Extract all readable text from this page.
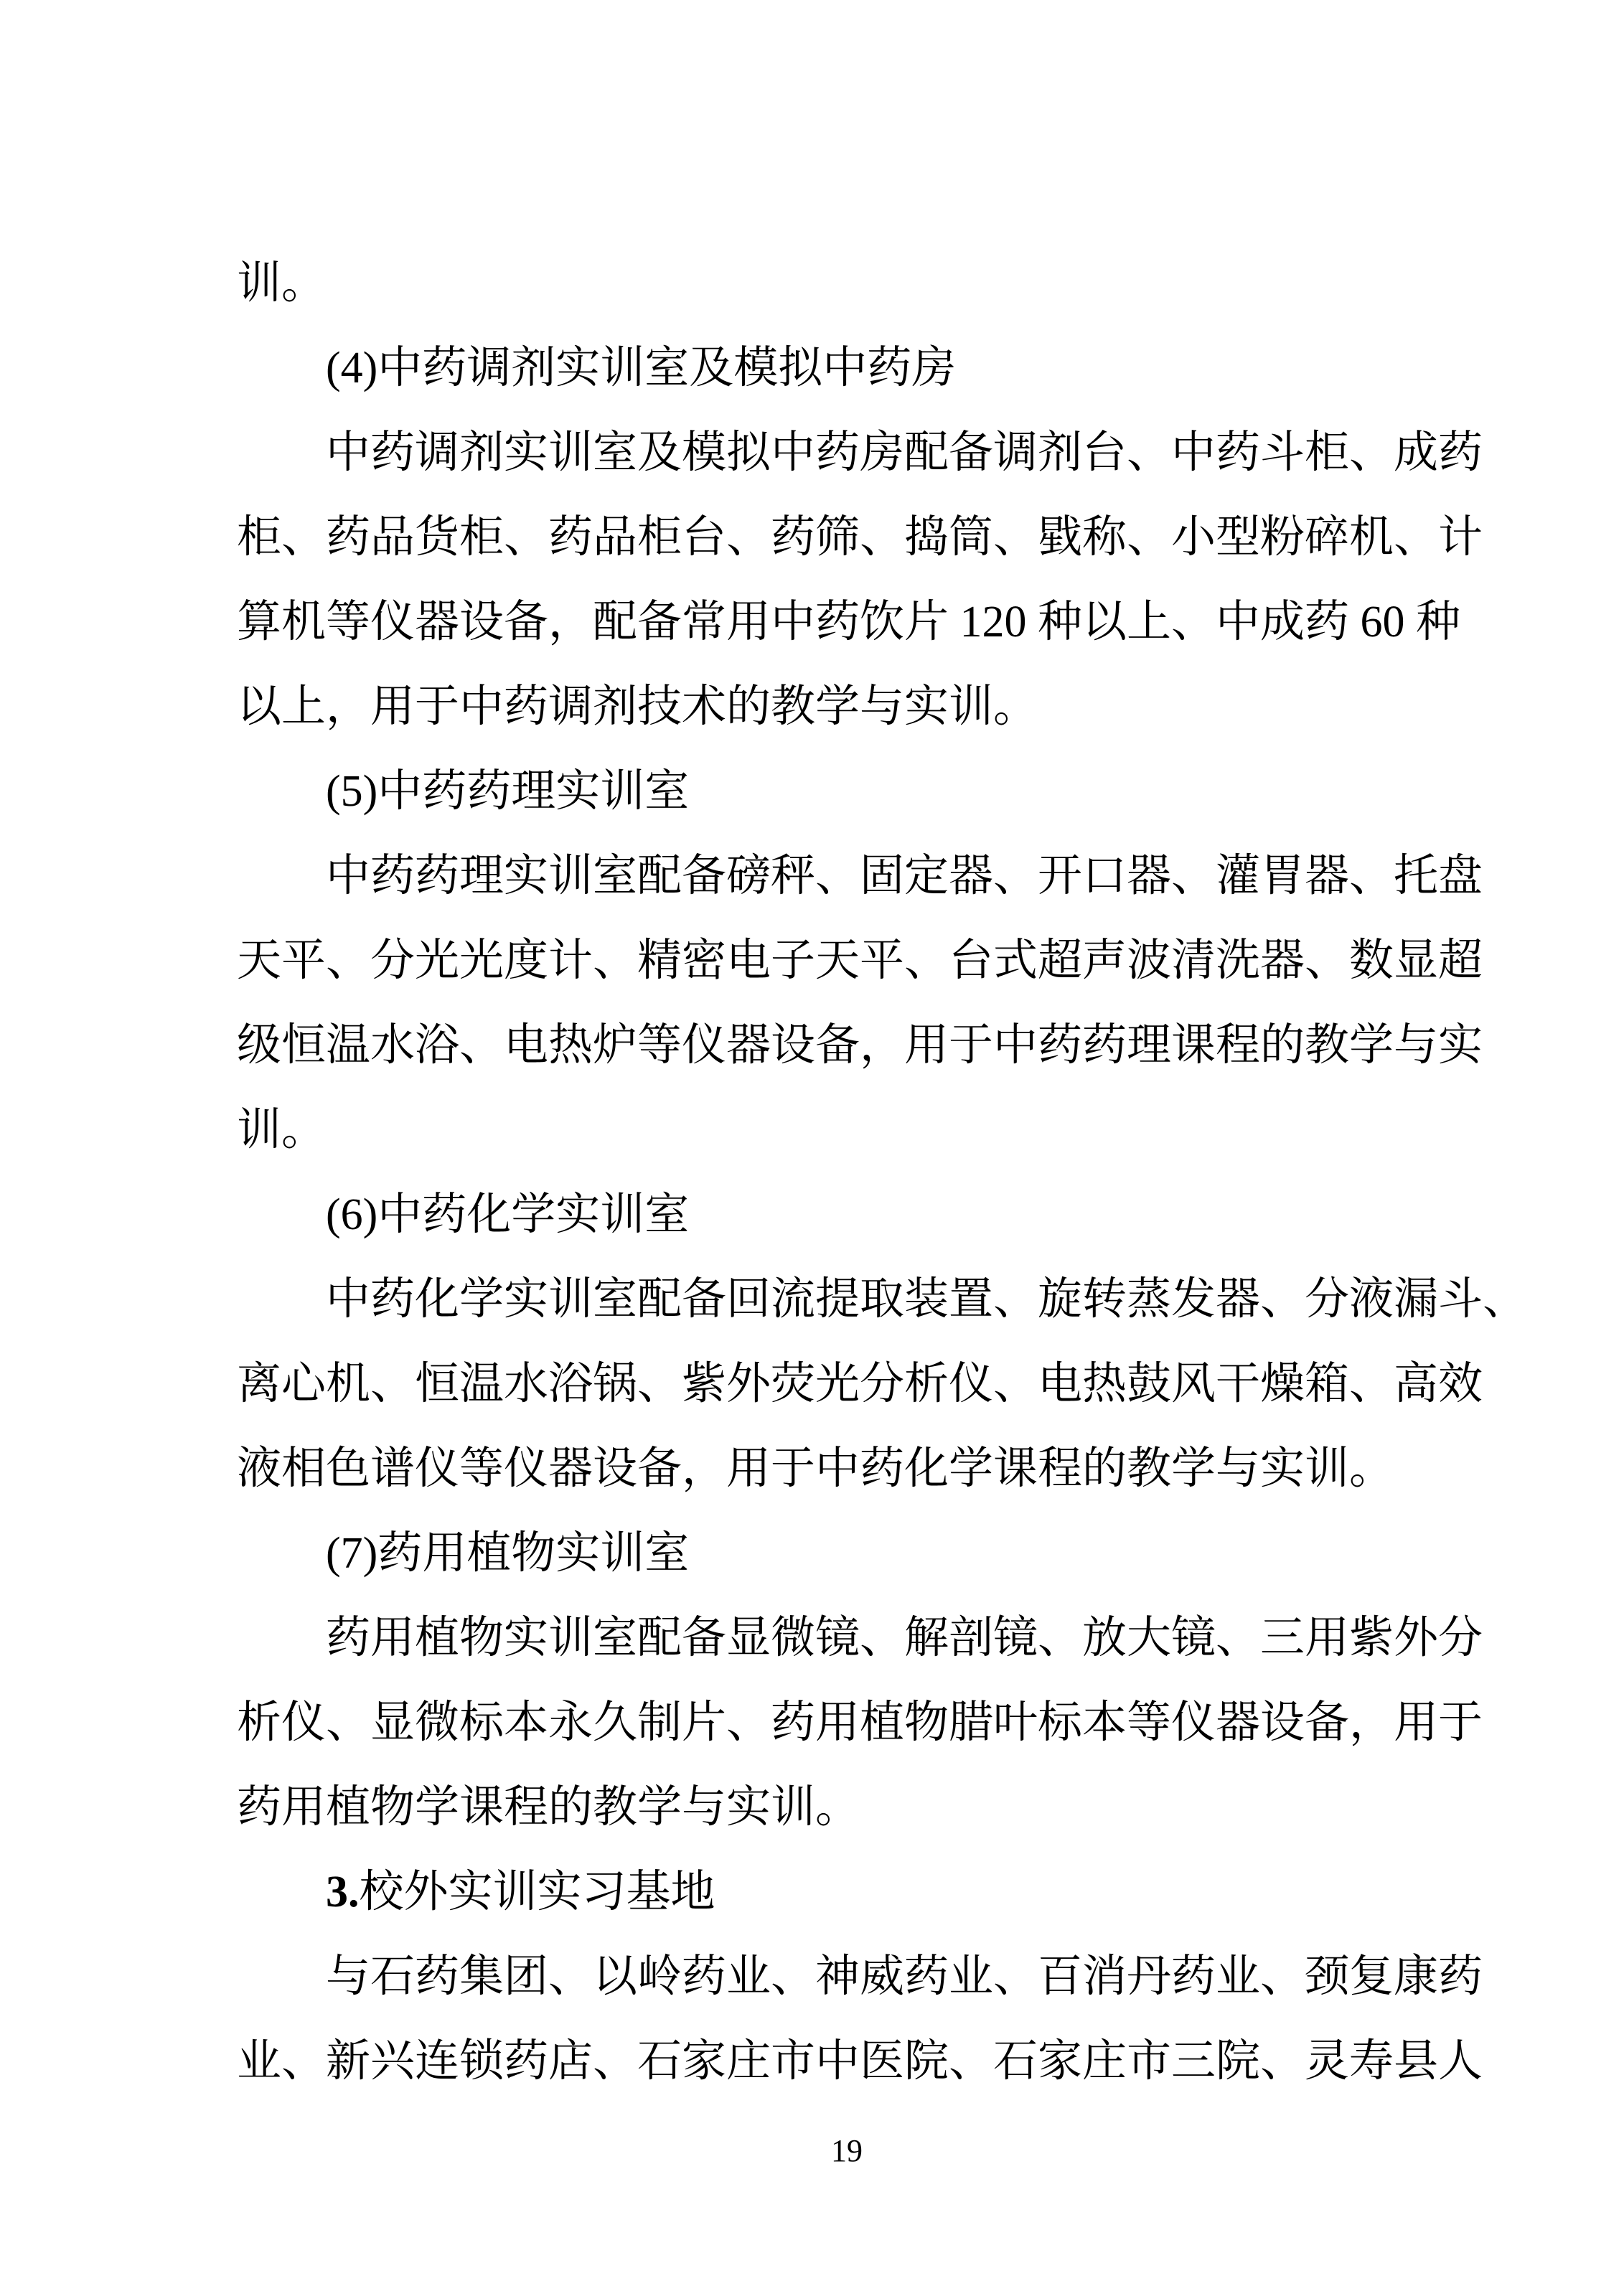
训。
(4)中药调剂实训室及模拟中药房
中药调剂实训室及模拟中药房配备调剂台、中药斗柜、成药
柜、药品货柜、药品柜台、药筛、捣筒、戥称、小型粉碎机、计
算机等仪器设备，配备常用中药饮片 120 种以上、中成药 60 种
以上，用于中药调剂技术的教学与实训。
(5)中药药理实训室
中药药理实训室配备磅秤、固定器、开口器、灌胃器、托盘
天平、分光光度计、精密电子天平、台式超声波清洗器、数显超
级恒温水浴、电热炉等仪器设备，用于中药药理课程的教学与实
训。
(6)中药化学实训室
中药化学实训室配备回流提取装置、旋转蒸发器、分液漏斗、
离心机、恒温水浴锅、紫外荧光分析仪、电热鼓风干燥箱、高效
液相色谱仪等仪器设备，用于中药化学课程的教学与实训。
(7)药用植物实训室
药用植物实训室配备显微镜、解剖镜、放大镜、三用紫外分
析仪、显微标本永久制片、药用植物腊叶标本等仪器设备，用于
药用植物学课程的教学与实训。
3.校外实训实习基地
与石药集团、以岭药业、神威药业、百消丹药业、颈复康药
业、新兴连锁药店、石家庄市中医院、石家庄市三院、灵寿县人
19
